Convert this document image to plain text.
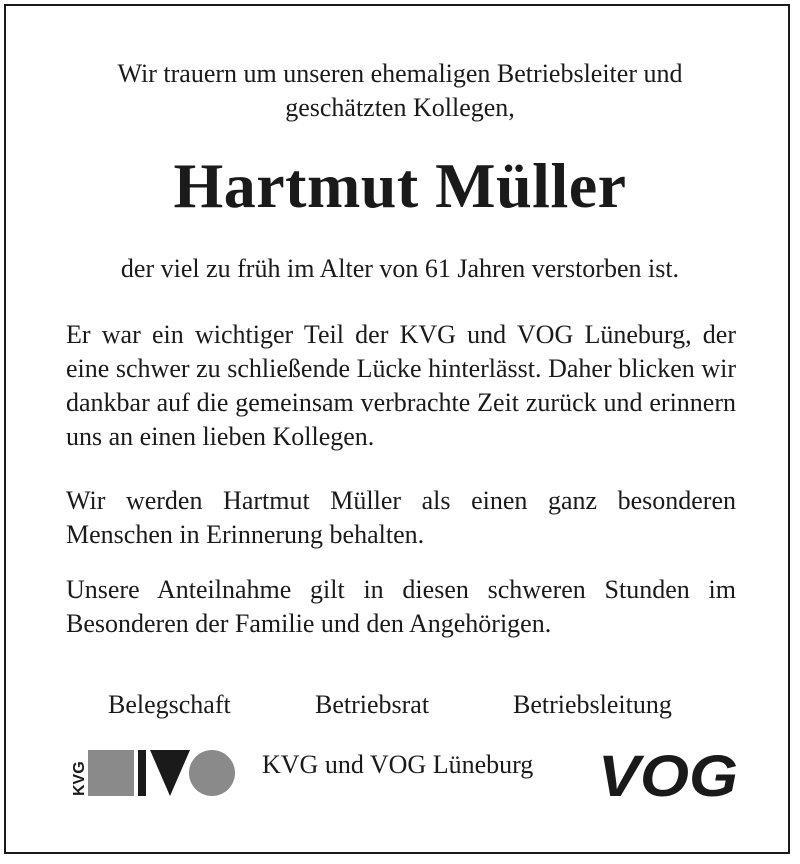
Wir trauern um unseren ehemaligen Betriebsleiter und
geschätzten Kollegen,
Hartmut Müller
der viel zu früh im Alter von 61 Jahren verstorben ist.
Er war ein wichtiger Teil der KVG und VOG Lüneburg, der eine schwer zu schließende Lücke hinterlässt. Daher blicken wir dankbar auf die gemeinsam verbrachte Zeit zurück und erinnern uns an einen lieben Kollegen.
Wir werden Hartmut Müller als einen ganz besonderen Menschen in Erinnerung behalten.
Unsere Anteilnahme gilt in diesen schweren Stunden im Besonderen der Familie und den Angehörigen.
Belegschaft	Betriebsrat	Betriebsleitung
KVG	KVG und VOG Lüneburg VOG
